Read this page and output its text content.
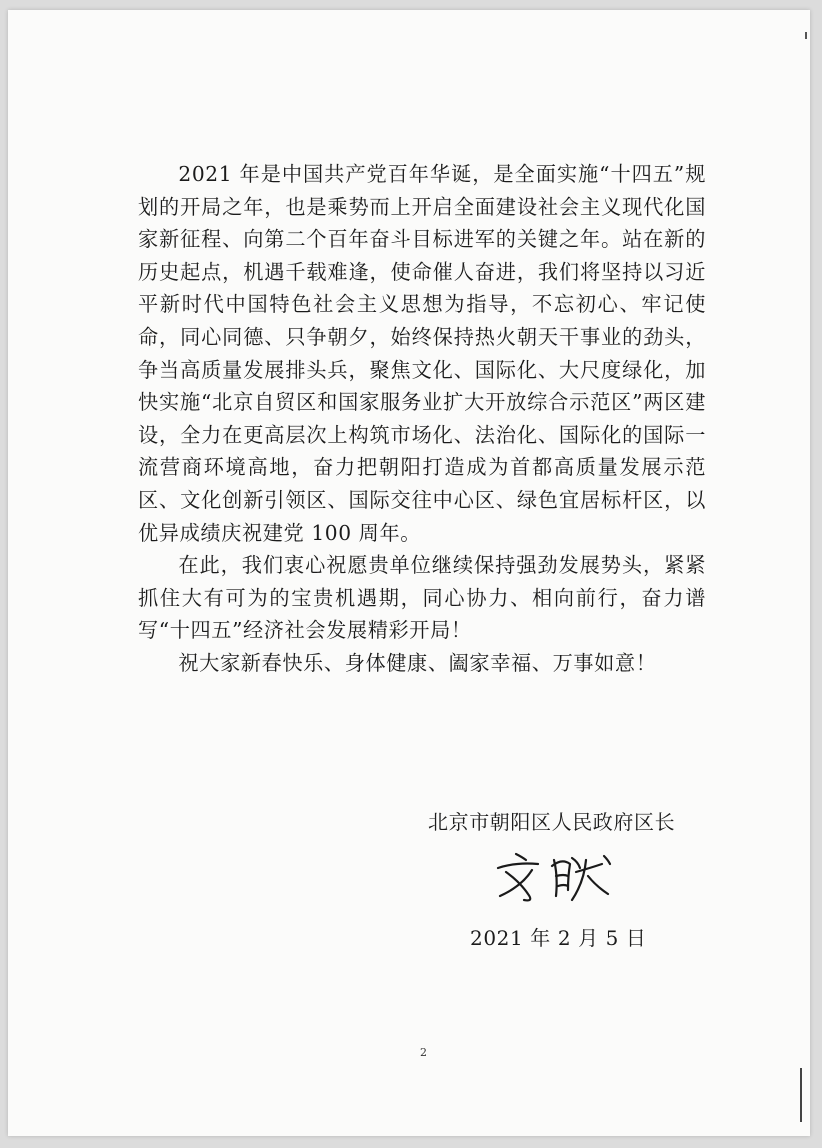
2021 年是中国共产党百年华诞，是全面实施“十四五”规划的开局之年，也是乘势而上开启全面建设社会主义现代化国家新征程、向第二个百年奋斗目标进军的关键之年。站在新的历史起点，机遇千载难逢，使命催人奋进，我们将坚持以习近平新时代中国特色社会主义思想为指导，不忘初心、牢记使命，同心同德、只争朝夕，始终保持热火朝天干事业的劲头，争当高质量发展排头兵，聚焦文化、国际化、大尺度绿化，加快实施“北京自贸区和国家服务业扩大开放综合示范区”两区建设，全力在更高层次上构筑市场化、法治化、国际化的国际一流营商环境高地，奋力把朝阳打造成为首都高质量发展示范区、文化创新引领区、国际交往中心区、绿色宜居标杆区，以优异成绩庆祝建党 100 周年。

在此，我们衷心祝愿贵单位继续保持强劲发展势头，紧紧抓住大有可为的宝贵机遇期，同心协力、相向前行，奋力谱写“十四五”经济社会发展精彩开局！

祝大家新春快乐、身体健康、阖家幸福、万事如意！

北京市朝阳区人民政府区长
2021 年 2 月 5 日
2
